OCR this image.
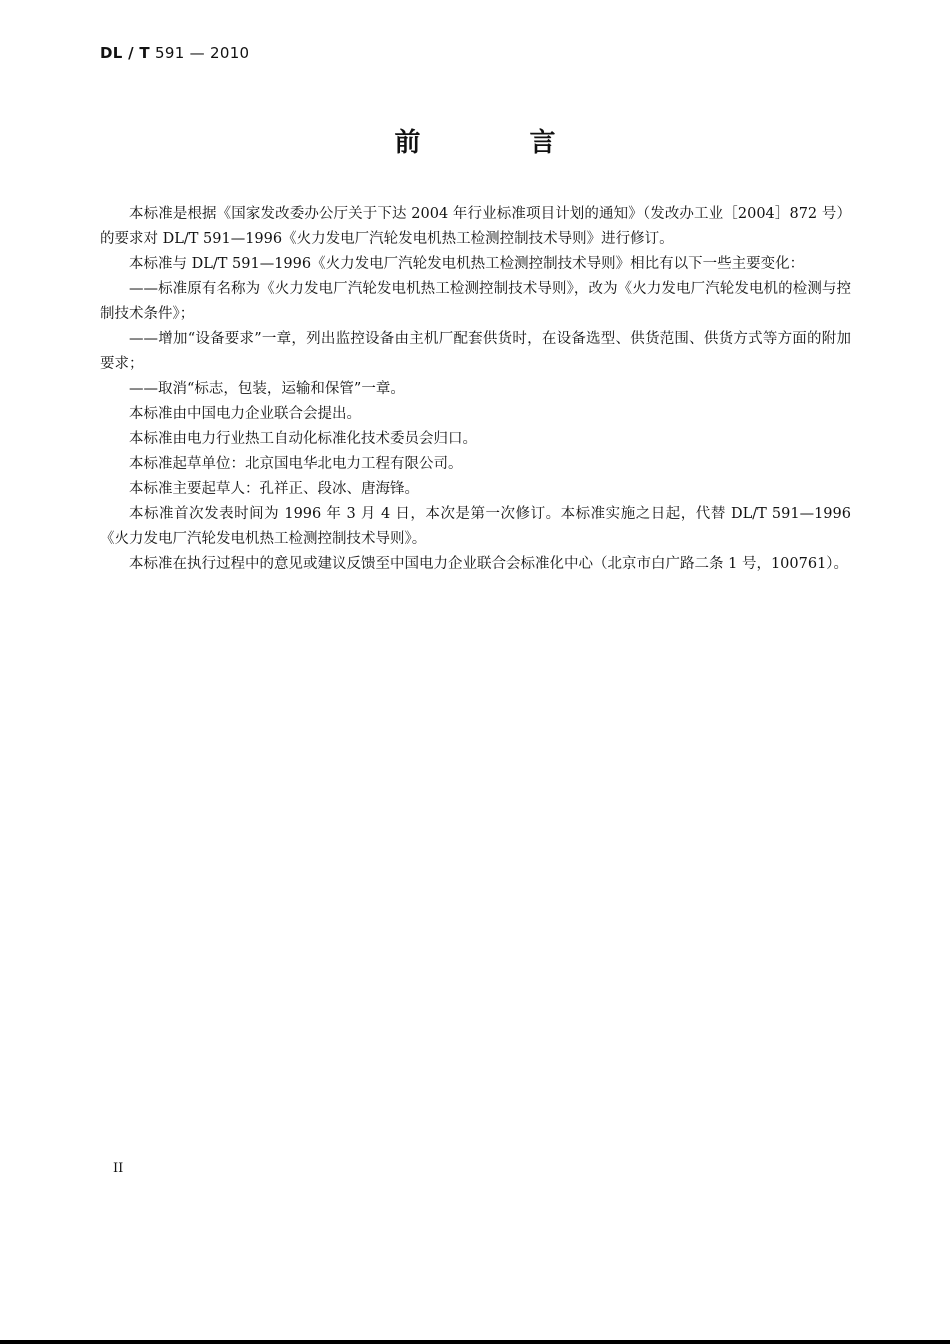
DL / T 591 — 2010
前 言

本标准是根据《国家发改委办公厅关于下达 2004 年行业标准项目计划的通知》（发改办工业［2004］872 号）的要求对 DL/T 591—1996《火力发电厂汽轮发电机热工检测控制技术导则》进行修订。

本标准与 DL/T 591—1996《火力发电厂汽轮发电机热工检测控制技术导则》相比有以下一些主要变化：

——标准原有名称为《火力发电厂汽轮发电机热工检测控制技术导则》，改为《火力发电厂汽轮发电机的检测与控制技术条件》；

——增加“设备要求”一章，列出监控设备由主机厂配套供货时，在设备选型、供货范围、供货方式等方面的附加要求；

——取消“标志，包装，运输和保管”一章。

本标准由中国电力企业联合会提出。

本标准由电力行业热工自动化标准化技术委员会归口。

本标准起草单位：北京国电华北电力工程有限公司。

本标准主要起草人：孔祥正、段冰、唐海锋。

本标准首次发表时间为 1996 年 3 月 4 日，本次是第一次修订。本标准实施之日起，代替 DL/T 591—1996《火力发电厂汽轮发电机热工检测控制技术导则》。

本标准在执行过程中的意见或建议反馈至中国电力企业联合会标准化中心（北京市白广路二条 1 号，100761）。

II
